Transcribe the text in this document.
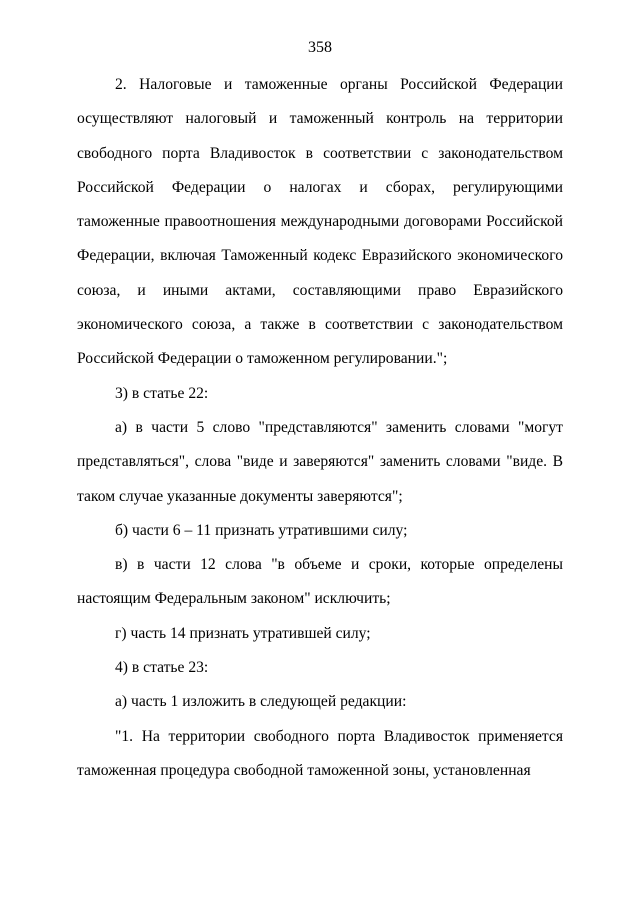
358

2. Налоговые и таможенные органы Российской Федерации осуществляют налоговый и таможенный контроль на территории свободного порта Владивосток в соответствии с законодательством Российской Федерации о налогах и сборах, регулирующими таможенные правоотношения международными договорами Российской Федерации, включая Таможенный кодекс Евразийского экономического союза, и иными актами, составляющими право Евразийского экономического союза, а также в соответствии с законодательством Российской Федерации о таможенном регулировании.";

3) в статье 22:

а) в части 5 слово "представляются" заменить словами "могут представляться", слова "виде и заверяются" заменить словами "виде. В таком случае указанные документы заверяются";

б) части 6 – 11 признать утратившими силу;

в) в части 12 слова "в объеме и сроки, которые определены настоящим Федеральным законом" исключить;

г) часть 14 признать утратившей силу;

4) в статье 23:

а) часть 1 изложить в следующей редакции:

"1. На территории свободного порта Владивосток применяется таможенная процедура свободной таможенной зоны, установленная
